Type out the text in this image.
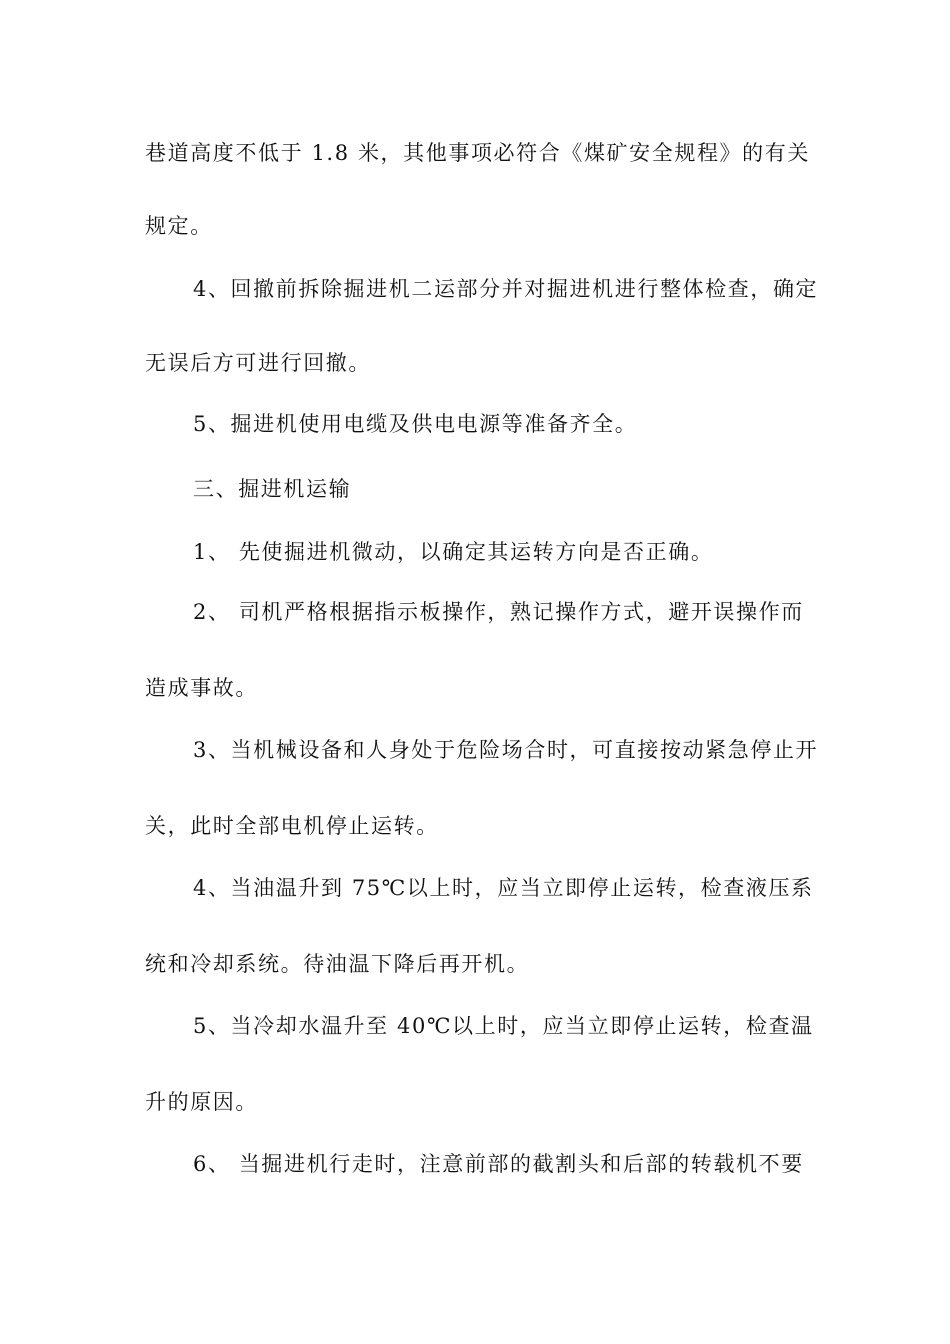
巷道高度不低于 1.8 米，其他事项必符合《煤矿安全规程》的有关
规定。
4、回撤前拆除掘进机二运部分并对掘进机进行整体检查，确定
无误后方可进行回撤。
5、掘进机使用电缆及供电电源等准备齐全。
三、掘进机运输
1、 先使掘进机微动，以确定其运转方向是否正确。
2、 司机严格根据指示板操作，熟记操作方式，避开误操作而
造成事故。
3、当机械设备和人身处于危险场合时，可直接按动紧急停止开
关，此时全部电机停止运转。
4、当油温升到 75℃以上时，应当立即停止运转，检查液压系
统和冷却系统。待油温下降后再开机。
5、当冷却水温升至 40℃以上时，应当立即停止运转，检查温
升的原因。
6、 当掘进机行走时，注意前部的截割头和后部的转载机不要
